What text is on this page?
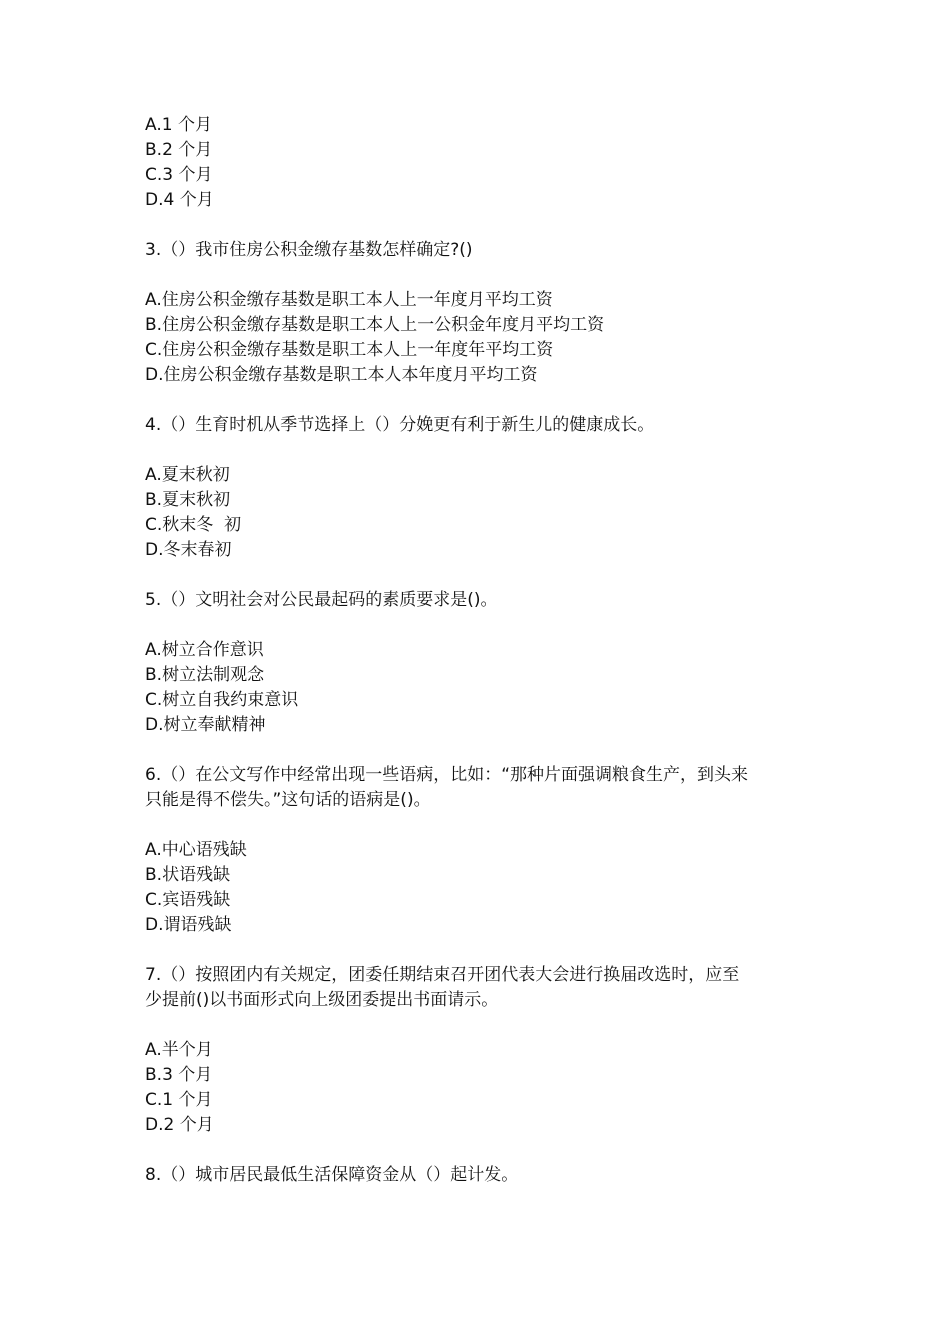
A.1 个月
B.2 个月
C.3 个月
D.4 个月
3.（）我市住房公积金缴存基数怎样确定?()
A.住房公积金缴存基数是职工本人上一年度月平均工资
B.住房公积金缴存基数是职工本人上一公积金年度月平均工资
C.住房公积金缴存基数是职工本人上一年度年平均工资
D.住房公积金缴存基数是职工本人本年度月平均工资
4.（）生育时机从季节选择上（）分娩更有利于新生儿的健康成长。
A.夏末秋初
B.夏末秋初
C.秋末冬  初
D.冬末春初
5.（）文明社会对公民最起码的素质要求是()。
A.树立合作意识
B.树立法制观念
C.树立自我约束意识
D.树立奉献精神
6.（）在公文写作中经常出现一些语病，比如：“那种片面强调粮食生产，到头来
只能是得不偿失。”这句话的语病是()。
A.中心语残缺
B.状语残缺
C.宾语残缺
D.谓语残缺
7.（）按照团内有关规定，团委任期结束召开团代表大会进行换届改选时，应至
少提前()以书面形式向上级团委提出书面请示。
A.半个月
B.3 个月
C.1 个月
D.2 个月
8.（）城市居民最低生活保障资金从（）起计发。
